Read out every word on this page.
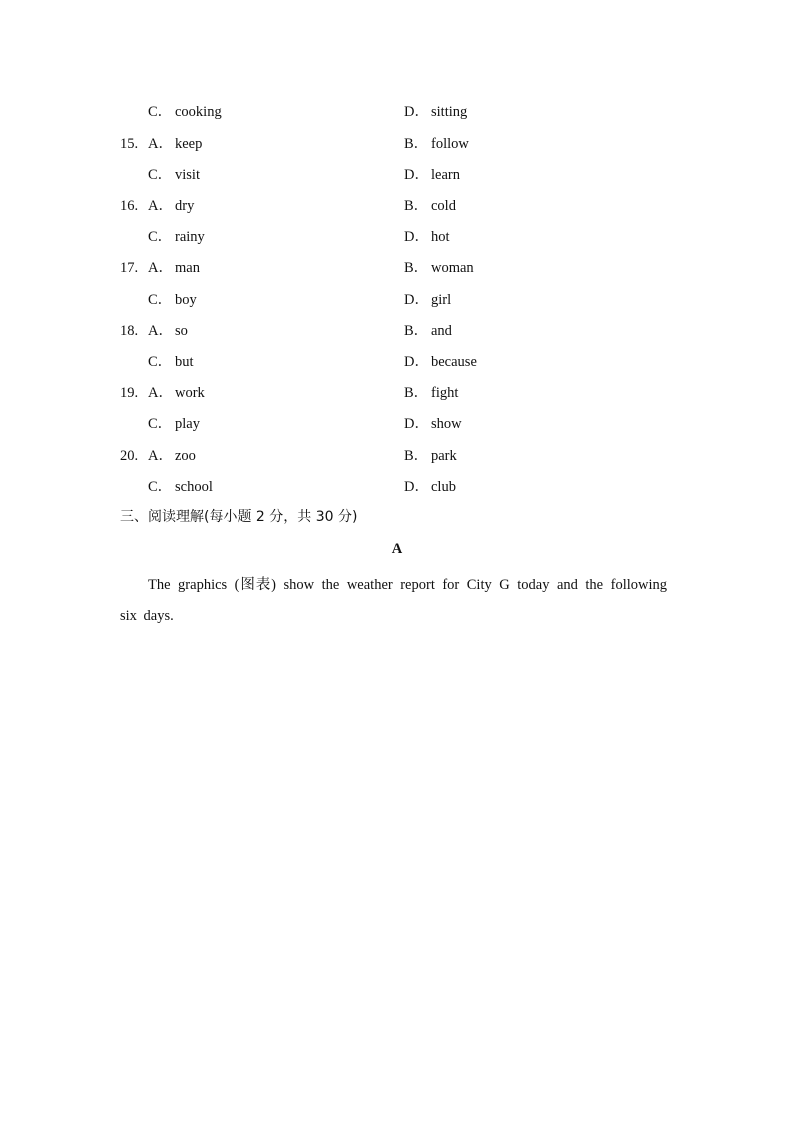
C． cooking	D． sitting
15. A． keep	B． follow
C． visit	D． learn
16. A． dry	B． cold
C． rainy	D． hot
17. A． man	B． woman
C． boy	D． girl
18. A． so	B． and
C． but	D． because
19. A． work	B． fight
C． play	D． show
20. A． zoo	B． park
C． school	D． club
三、阅读理解(每小题 2 分，共 30 分)
A
The graphics (图表) show the weather report for City G today and the following six days.
